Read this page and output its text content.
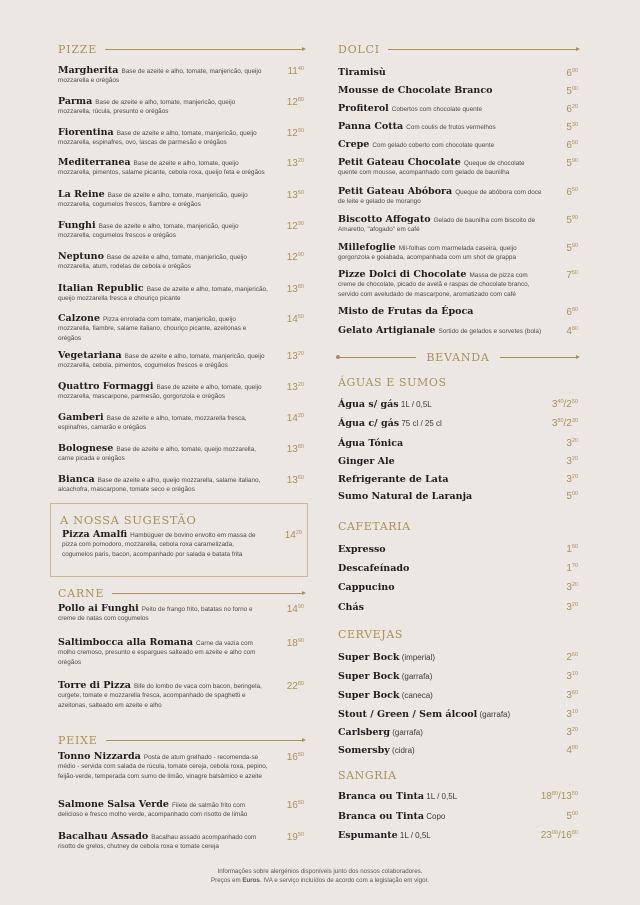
PIZZE
Margherita Base de azeite e alho, tomate, manjericão, queijo mozzarella e orégãos
$11^{40}$
Parma Base de azeite e alho, tomate, manjericão, queijo mozzarella, rúcula, presunto e orégãos
$12^{80}$
Fiorentina Base de azeite e alho, tomate, manjericão, queijo mozzarella, espinafres, ovo, lascas de parmesão e orégãos
$12^{90}$
Mediterranea Base de azeite e alho, tomate, queijo mozzarella, pimentos, salame picante, cebola roxa, queijo feta e orégãos
$13^{20}$
La Reine Base de azeite e alho, tomate, manjericão, queijo mozzarella, cogumelos frescos, fiambre e orégãos
$13^{50}$
Funghi Base de azeite e alho, tomate, manjericão, queijo mozzarella, cogumelos frescos e orégãos
$12^{90}$
Neptuno Base de azeite e alho, tomate, manjericão, queijo mozzarella, atum, rodelas de cebola e orégãos
$12^{90}$
Italian Republic Base de azeite e alho, tomate, manjericão, queijo mozzarella fresca e chouriço picante
$13^{80}$
Calzone Pizza enrolada com tomate, manjericão, queijo mozzarella, fiambre, salame italiano, chouriço picante, azeitonas e orégãos
$14^{50}$
Vegetariana Base de azeite e alho, tomate, manjericão, queijo mozzarella, cebola, pimentos, cogumelos frescos e orégãos
$13^{20}$
Quattro Formaggi Base de azeite e alho, tomate, queijo mozzarella, mascarpone, parmesão, gorgonzola e orégãos
$13^{20}$
Gamberi Base de azeite e alho, tomate, mozzarella fresca, espinafres, camarão e orégãos
$14^{20}$
Bolognese Base de azeite e alho, tomate, queijo mozzarella, carne picada e orégãos
$13^{80}$
Bianca Base de azeite e alho, queijo mozzarella, salame italiano, alcachofra, mascarpone, tomate seco e orégãos
$13^{60}$
A NOSSA SUGESTÃO
Pizza Amalfi Hambúguer de bovino envolto em massa de pizza com pomodoro, mozzarella, cebola roxa caramelizada, cogumelos paris, bacon, acompanhado por salada e batata frita
$14^{20}$
CARNE
Pollo ai Funghi Peito de frango frito, batatas no forno e creme de natas com cogumelos
$14^{90}$
Saltimbocca alla Romana Carne da vazia com molho cremoso, presunto e espargues salteado em azeite e alho com orégãos
$18^{90}$
Torre di Pizza Bife do lombo de vaca com bacon, beringela, curgete, tomate e mozzarella fresca, acompanhado de spaghetti e azeitonas, salteado em azeite e alho
$22^{80}$
PEIXE
Tonno Nizzarda Posta de atum grelhado - recomenda-se médio - servida com salada de rúcula, tomate cereja, cebola roxa, pepino, feijão-verde, temperada com sumo de limão, vinagre balsâmico e azeite
$16^{50}$
Salmone Salsa Verde Filete de salmão frito com delicioso e fresco molho verde, acompanhado com risotto de limão
$16^{50}$
Bacalhau Assado Bacalhau assado acompanhado com risotto de grelos, chutney de cebola roxa e tomate cereja
$19^{50}$
DOLCI
Tiramisù	$6^{90}$
Mousse de Chocolate Branco	$5^{00}$
Profiterol Cobertos com chocolate quente	$6^{20}$
Panna Cotta Com coulis de frutos vermelhos	$5^{30}$
Crepe Com gelado coberto com chocolate quente	$6^{50}$
Petit Gateau Chocolate Queque de chocolate quente com mousse, acompanhado com gelado de baunilha
$5^{90}$
Petit Gateau Abóbora Queque de abóbora com doce de leite e gelado de morango
$6^{50}$
Biscotto Affogato Gelado de baunilha com biscoito de Amaretto, "afogado" em café
$5^{90}$
Millefoglie Mil-folhas com marmelada caseira, queijo gorgonzola e goiabada, acompanhada com um shot de grappa
$5^{90}$
Pizze Dolci di Chocolate Massa de pizza com creme de chocolate, picado de avelã e raspas de chocolate branco, servido com aveludado de mascarpone, aromatizado com café
$7^{50}$
Misto de Frutas da Época	$6^{80}$
Gelato Artigianale Sortido de gelados e sorvetes (bola)	$4^{80}$
BEVANDA
ÁGUAS E SUMOS
Água s/ gás 1L / 0,5L	$3^{40}/2^{50}$
Água c/ gás 75 cl / 25 cl	$3^{80}/2^{30}$
Água Tónica	$3^{20}$
Ginger Ale	$3^{20}$
Refrigerante de Lata	$3^{20}$
Sumo Natural de Laranja	$5^{00}$
CAFETARIA
Expresso	$1^{60}$
Descafeínado	$1^{70}$
Cappucino	$3^{20}$
Chás	$3^{20}$
CERVEJAS
Super Bock (imperial)	$2^{60}$
Super Bock (garrafa)	$3^{10}$
Super Bock (caneca)	$3^{60}$
Stout / Green / Sem álcool (garrafa)	$3^{10}$
Carlsberg (garrafa)	$3^{20}$
Somersby (cidra)	$4^{80}$
SANGRIA
Branca ou Tinta 1L / 0,5L	$18^{80}/13^{50}$
Branca ou Tinta Copo	$5^{00}$
Espumante 1L / 0,5L	$23^{00}/16^{80}$
Informações sobre alergénios disponíveis junto dos nossos colaboradores.
Preços em Euros. IVA e serviço incluídos de acordo com a legislação em vigor.
